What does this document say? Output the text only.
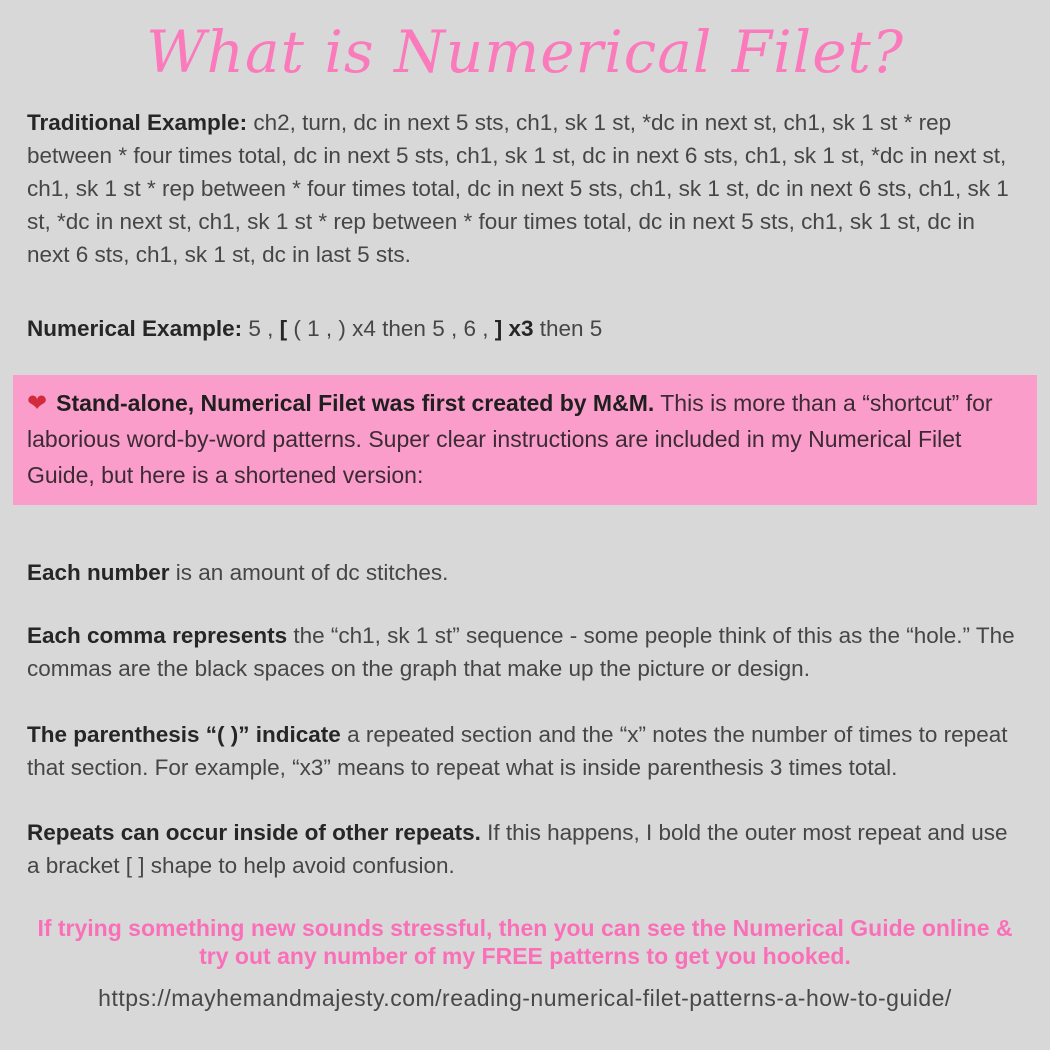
What is Numerical Filet?

Traditional Example: ch2, turn, dc in next 5 sts, ch1, sk 1 st, *dc in next st, ch1, sk 1 st * rep between * four times total, dc in next 5 sts, ch1, sk 1 st, dc in next 6 sts, ch1, sk 1 st, *dc in next st, ch1, sk 1 st * rep between * four times total, dc in next 5 sts, ch1, sk 1 st, dc in next 6 sts, ch1, sk 1 st, *dc in next st, ch1, sk 1 st * rep between * four times total, dc in next 5 sts, ch1, sk 1 st, dc in next 6 sts, ch1, sk 1 st, dc in last 5 sts.

Numerical Example: 5 , [ ( 1 , ) x4 then 5 , 6 , ] x3 then 5

❤ Stand-alone, Numerical Filet was first created by M&M. This is more than a “shortcut” for laborious word-by-word patterns. Super clear instructions are included in my Numerical Filet Guide, but here is a shortened version:

Each number is an amount of dc stitches.

Each comma represents the “ch1, sk 1 st” sequence - some people think of this as the “hole.” The commas are the black spaces on the graph that make up the picture or design.

The parenthesis “( )” indicate a repeated section and the “x” notes the number of times to repeat that section. For example, “x3” means to repeat what is inside parenthesis 3 times total.

Repeats can occur inside of other repeats. If this happens, I bold the outer most repeat and use a bracket [ ] shape to help avoid confusion.

If trying something new sounds stressful, then you can see the Numerical Guide online &
try out any number of my FREE patterns to get you hooked.

https://mayhemandmajesty.com/reading-numerical-filet-patterns-a-how-to-guide/
